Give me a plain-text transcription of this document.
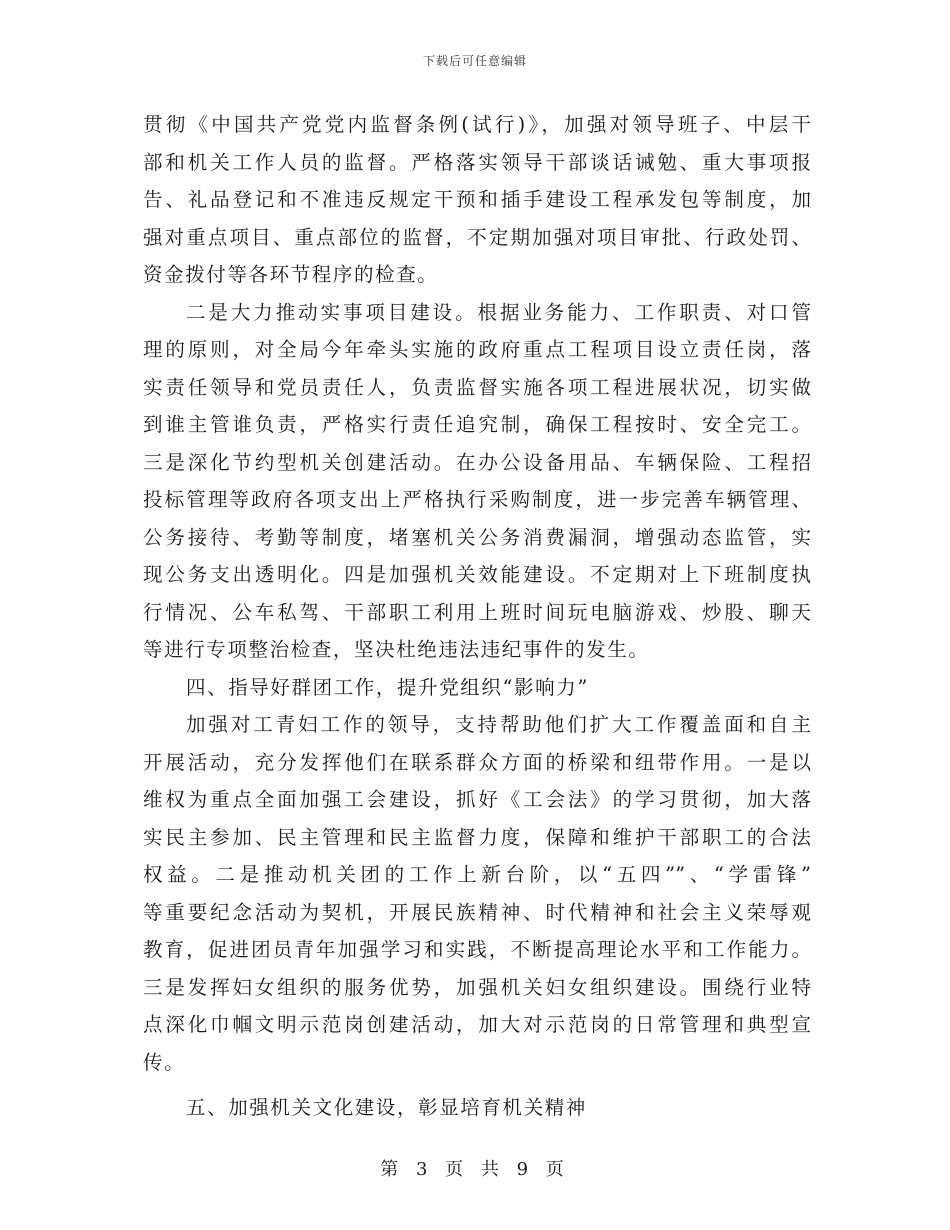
下载后可任意编辑
贯彻《中国共产党党内监督条例(试行)》，加强对领导班子、中层干
部和机关工作人员的监督。严格落实领导干部谈话诫勉、重大事项报
告、礼品登记和不准违反规定干预和插手建设工程承发包等制度，加
强对重点项目、重点部位的监督，不定期加强对项目审批、行政处罚、
资金拨付等各环节程序的检查。
二是大力推动实事项目建设。根据业务能力、工作职责、对口管
理的原则，对全局今年牵头实施的政府重点工程项目设立责任岗，落
实责任领导和党员责任人，负责监督实施各项工程进展状况，切实做
到谁主管谁负责，严格实行责任追究制，确保工程按时、安全完工。
三是深化节约型机关创建活动。在办公设备用品、车辆保险、工程招
投标管理等政府各项支出上严格执行采购制度，进一步完善车辆管理、
公务接待、考勤等制度，堵塞机关公务消费漏洞，增强动态监管，实
现公务支出透明化。四是加强机关效能建设。不定期对上下班制度执
行情况、公车私驾、干部职工利用上班时间玩电脑游戏、炒股、聊天
等进行专项整治检查，坚决杜绝违法违纪事件的发生。
四、指导好群团工作，提升党组织“影响力”
加强对工青妇工作的领导，支持帮助他们扩大工作覆盖面和自主
开展活动，充分发挥他们在联系群众方面的桥梁和纽带作用。一是以
维权为重点全面加强工会建设，抓好《工会法》的学习贯彻，加大落
实民主参加、民主管理和民主监督力度，保障和维护干部职工的合法
权益。二是推动机关团的工作上新台阶，以“五四””、“学雷锋”
等重要纪念活动为契机，开展民族精神、时代精神和社会主义荣辱观
教育，促进团员青年加强学习和实践，不断提高理论水平和工作能力。
三是发挥妇女组织的服务优势，加强机关妇女组织建设。围绕行业特
点深化巾帼文明示范岗创建活动，加大对示范岗的日常管理和典型宣
传。
五、加强机关文化建设，彰显培育机关精神
第 3 页 共 9 页
